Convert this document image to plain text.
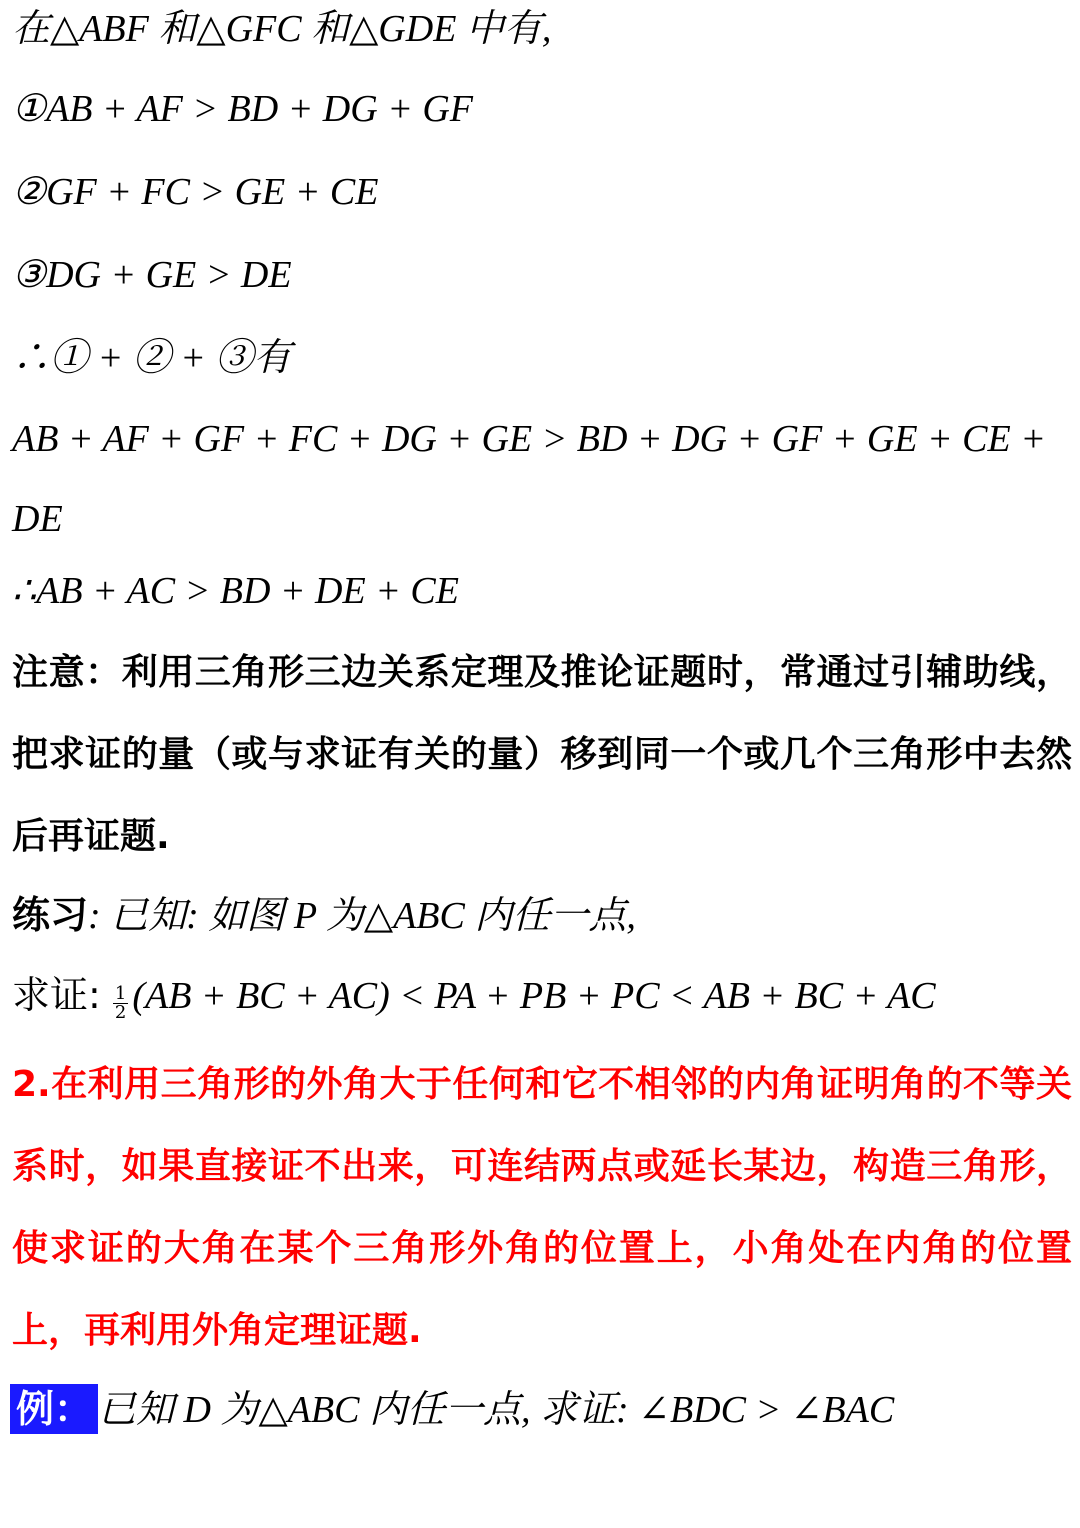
在△ABF 和△GFC 和△GDE 中有,
①AB + AF > BD + DG + GF
②GF + FC > GE + CE
③DG + GE > DE
∴① + ② + ③有
AB + AF + GF + FC + DG + GE > BD + DG + GF + GE + CE +
DE
∴AB + AC > BD + DE + CE
注意：利用三角形三边关系定理及推论证题时，常通过引辅助线，把求证的量（或与求证有关的量）移到同一个或几个三角形中去然后再证题.
练习: 已知: 如图 P 为△ABC 内任一点,
求证: $\frac{1}{2} (AB$ + BC + AC) < PA + PB + PC < AB + BC + AC
2.在利用三角形的外角大于任何和它不相邻的内角证明角的不等关系时，如果直接证不出来，可连结两点或延长某边，构造三角形，使求证的大角在某个三角形外角的位置上，小角处在内角的位置上，再利用外角定理证题.
例： 已知 D 为△ABC 内任一点, 求证: ∠BDC > ∠BAC
